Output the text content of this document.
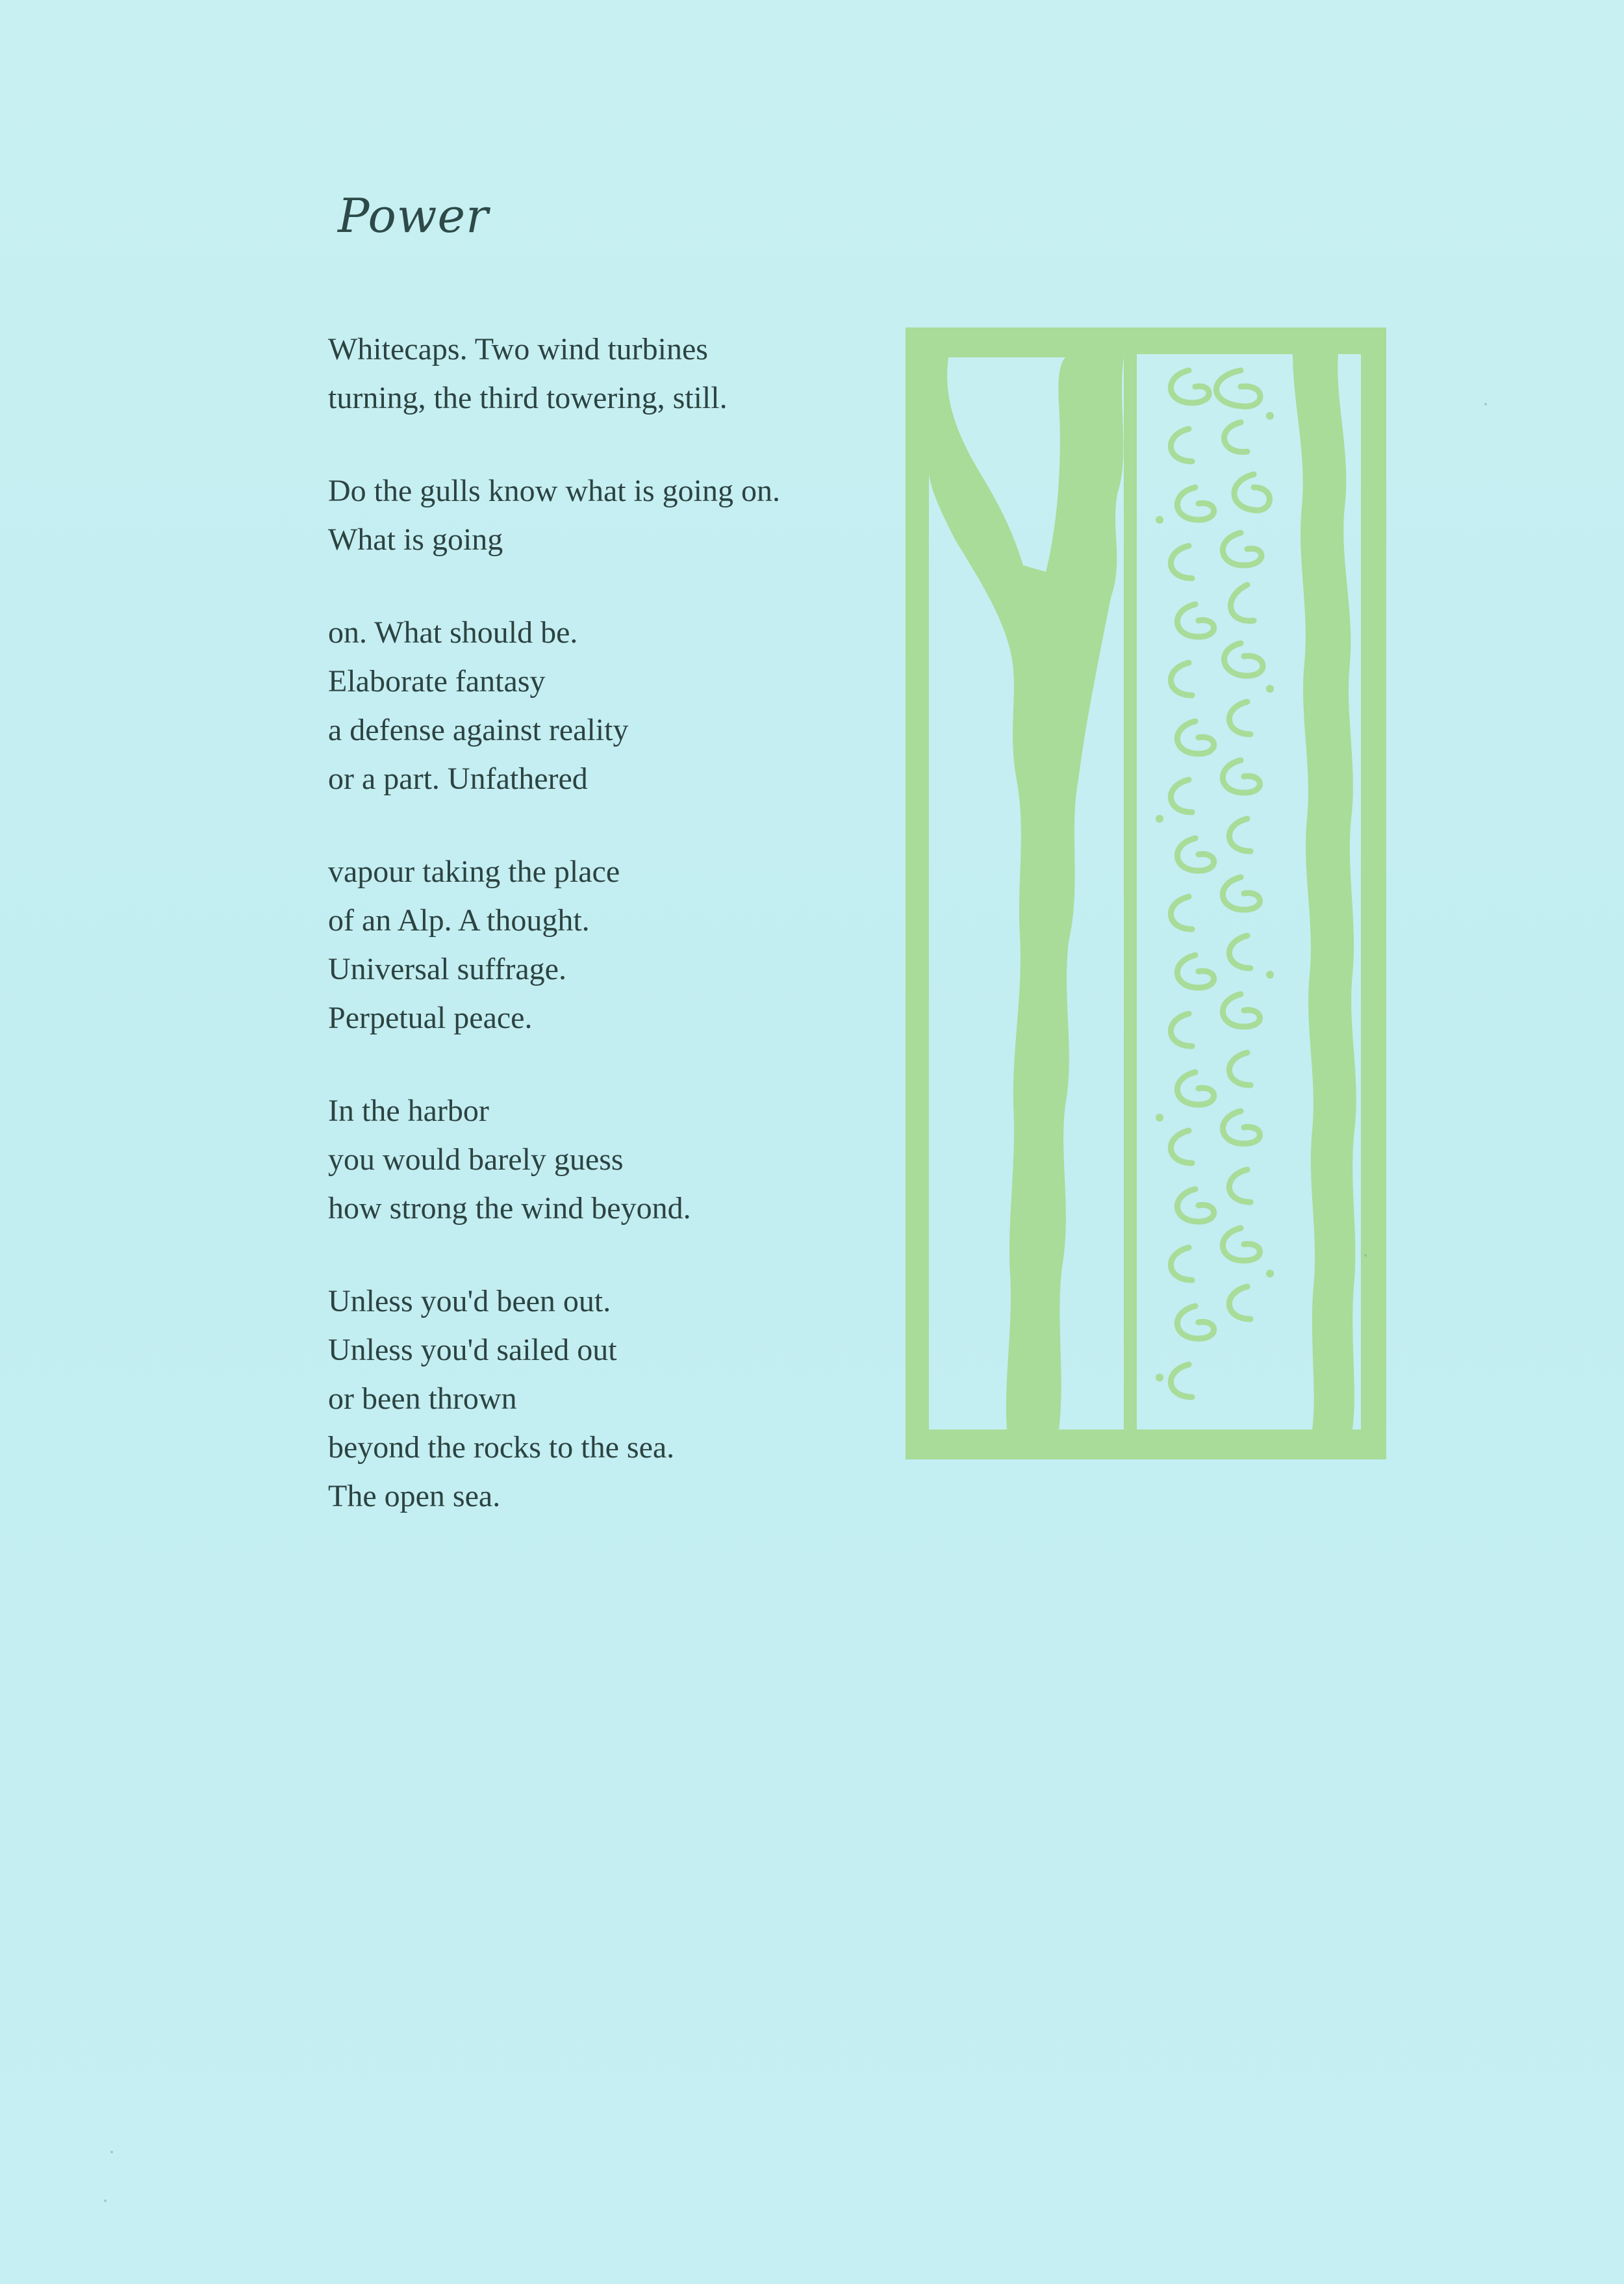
Power

Whitecaps. Two wind turbines
turning, the third towering, still.

Do the gulls know what is going on.
What is going

on. What should be.
Elaborate fantasy
a defense against reality
or a part. Unfathered

vapour taking the place
of an Alp. A thought.
Universal suffrage.
Perpetual peace.

In the harbor
you would barely guess
how strong the wind beyond.

Unless you'd been out.
Unless you'd sailed out
or been thrown
beyond the rocks to the sea.
The open sea.
